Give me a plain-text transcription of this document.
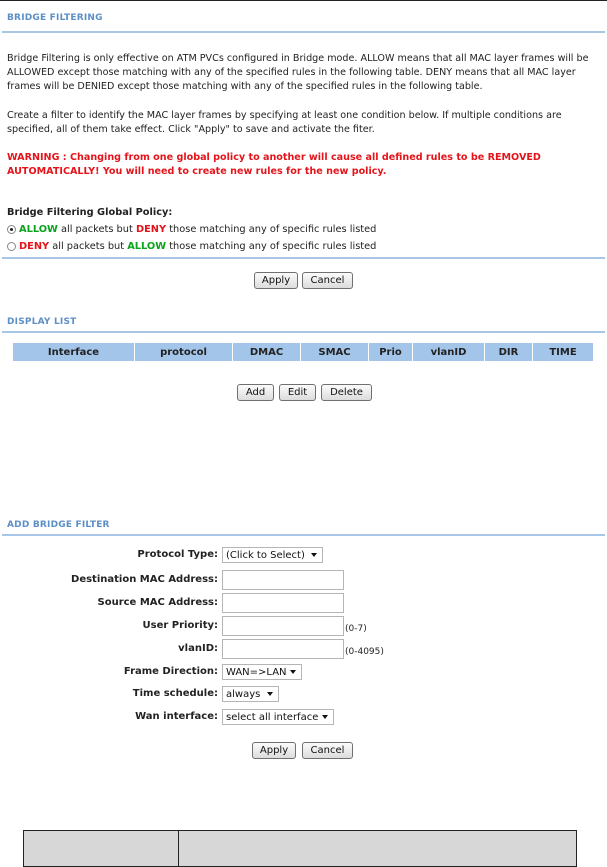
BRIDGE FILTERING

Bridge Filtering is only effective on ATM PVCs configured in Bridge mode. ALLOW means that all MAC layer frames will be ALLOWED except those matching with any of the specified rules in the following table. DENY means that all MAC layer frames will be DENIED except those matching with any of the specified rules in the following table.

Create a filter to identify the MAC layer frames by specifying at least one condition below. If multiple conditions are specified, all of them take effect. Click "Apply" to save and activate the fiter.

WARNING : Changing from one global policy to another will cause all defined rules to be REMOVED AUTOMATICALLY! You will need to create new rules for the new policy.

Bridge Filtering Global Policy:
ALLOW all packets but DENY those matching any of specific rules listed
DENY all packets but ALLOW those matching any of specific rules listed
Apply	Cancel
DISPLAY LIST
Interface	protocol	DMAC	SMAC	Prio	vlanID	DIR	TIME
Add	Edit	Delete
ADD BRIDGE FILTER
Protocol Type: (Click to Select)
Destination MAC Address:
Source MAC Address:
User Priority:	(0-7)
vlanID:	(0-4095)
Frame Direction: WAN=>LAN
Time schedule: always
Wan interface: select all interface
Apply	Cancel
